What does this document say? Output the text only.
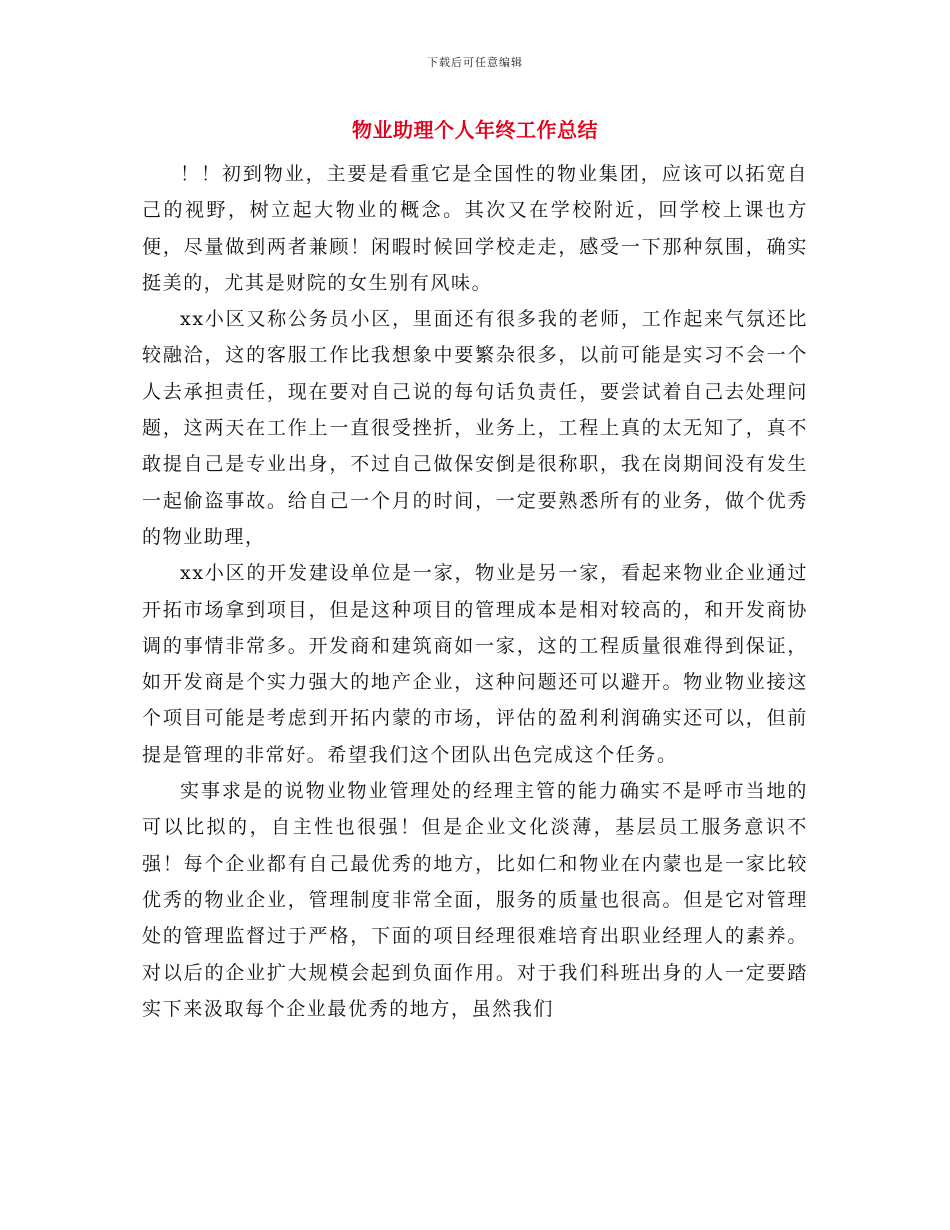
下载后可任意编辑
物业助理个人年终工作总结

！！初到物业，主要是看重它是全国性的物业集团，应该可以拓宽自己的视野，树立起大物业的概念。其次又在学校附近，回学校上课也方便，尽量做到两者兼顾！闲暇时候回学校走走，感受一下那种氛围，确实挺美的，尤其是财院的女生别有风味。

xx小区又称公务员小区，里面还有很多我的老师，工作起来气氛还比较融洽，这的客服工作比我想象中要繁杂很多，以前可能是实习不会一个人去承担责任，现在要对自己说的每句话负责任，要尝试着自己去处理问题，这两天在工作上一直很受挫折，业务上，工程上真的太无知了，真不敢提自己是专业出身，不过自己做保安倒是很称职，我在岗期间没有发生一起偷盗事故。给自己一个月的时间，一定要熟悉所有的业务，做个优秀的物业助理，

xx小区的开发建设单位是一家，物业是另一家，看起来物业企业通过开拓市场拿到项目，但是这种项目的管理成本是相对较高的，和开发商协调的事情非常多。开发商和建筑商如一家，这的工程质量很难得到保证，如开发商是个实力强大的地产企业，这种问题还可以避开。物业物业接这个项目可能是考虑到开拓内蒙的市场，评估的盈利利润确实还可以，但前提是管理的非常好。希望我们这个团队出色完成这个任务。

实事求是的说物业物业管理处的经理主管的能力确实不是呼市当地的可以比拟的，自主性也很强！但是企业文化淡薄，基层员工服务意识不强！每个企业都有自己最优秀的地方，比如仁和物业在内蒙也是一家比较优秀的物业企业，管理制度非常全面，服务的质量也很高。但是它对管理处的管理监督过于严格，下面的项目经理很难培育出职业经理人的素养。对以后的企业扩大规模会起到负面作用。对于我们科班出身的人一定要踏实下来汲取每个企业最优秀的地方，虽然我们
